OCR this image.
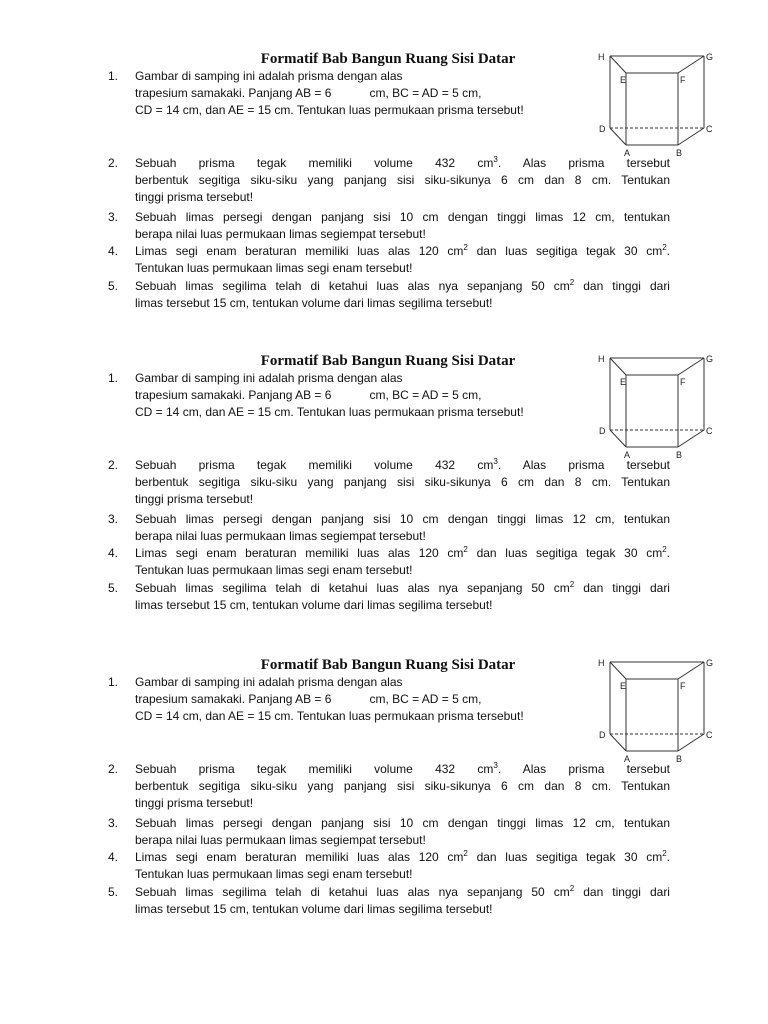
Formatif Bab Bangun Ruang Sisi Datar	H	G
E	F
D	C
A	B
1. Gambar di samping ini adalah prisma dengan alas
trapesium samakaki. Panjang AB = 6	cm, BC = AD = 5 cm,
CD = 14 cm, dan AE = 15 cm. Tentukan luas permukaan prisma tersebut!
2. Sebuah prisma tegak memiliki volume 432 $cm^3$. Alas prisma tersebut
berbentuk segitiga siku-siku yang panjang sisi siku-sikunya 6 cm dan 8 cm. Tentukan
tinggi prisma tersebut!
3. Sebuah limas persegi dengan panjang sisi 10 cm dengan tinggi limas 12 cm, tentukan
berapa nilai luas permukaan limas segiempat tersebut!
4. Limas segi enam beraturan memiliki luas alas 120 $cm^2$ dan luas segitiga tegak 30 $cm^2$.
Tentukan luas permukaan limas segi enam tersebut!
5. Sebuah limas segilima telah di ketahui luas alas nya sepanjang 50 $cm^2$ dan tinggi dari
limas tersebut 15 cm, tentukan volume dari limas segilima tersebut!
Formatif Bab Bangun Ruang Sisi Datar	H	G
E	F
D	C
A	B
1. Gambar di samping ini adalah prisma dengan alas
trapesium samakaki. Panjang AB = 6	cm, BC = AD = 5 cm,
CD = 14 cm, dan AE = 15 cm. Tentukan luas permukaan prisma tersebut!
2. Sebuah prisma tegak memiliki volume 432 $cm^3$. Alas prisma tersebut
berbentuk segitiga siku-siku yang panjang sisi siku-sikunya 6 cm dan 8 cm. Tentukan
tinggi prisma tersebut!
3. Sebuah limas persegi dengan panjang sisi 10 cm dengan tinggi limas 12 cm, tentukan
berapa nilai luas permukaan limas segiempat tersebut!
4. Limas segi enam beraturan memiliki luas alas 120 $cm^2$ dan luas segitiga tegak 30 $cm^2$.
Tentukan luas permukaan limas segi enam tersebut!
5. Sebuah limas segilima telah di ketahui luas alas nya sepanjang 50 $cm^2$ dan tinggi dari
limas tersebut 15 cm, tentukan volume dari limas segilima tersebut!
Formatif Bab Bangun Ruang Sisi Datar	H	G
E	F
D	C
A	B
1. Gambar di samping ini adalah prisma dengan alas
trapesium samakaki. Panjang AB = 6	cm, BC = AD = 5 cm,
CD = 14 cm, dan AE = 15 cm. Tentukan luas permukaan prisma tersebut!
2. Sebuah prisma tegak memiliki volume 432 $cm^3$. Alas prisma tersebut
berbentuk segitiga siku-siku yang panjang sisi siku-sikunya 6 cm dan 8 cm. Tentukan
tinggi prisma tersebut!
3. Sebuah limas persegi dengan panjang sisi 10 cm dengan tinggi limas 12 cm, tentukan
berapa nilai luas permukaan limas segiempat tersebut!
4. Limas segi enam beraturan memiliki luas alas 120 $cm^2$ dan luas segitiga tegak 30 $cm^2$.
Tentukan luas permukaan limas segi enam tersebut!
5. Sebuah limas segilima telah di ketahui luas alas nya sepanjang 50 $cm^2$ dan tinggi dari
limas tersebut 15 cm, tentukan volume dari limas segilima tersebut!
